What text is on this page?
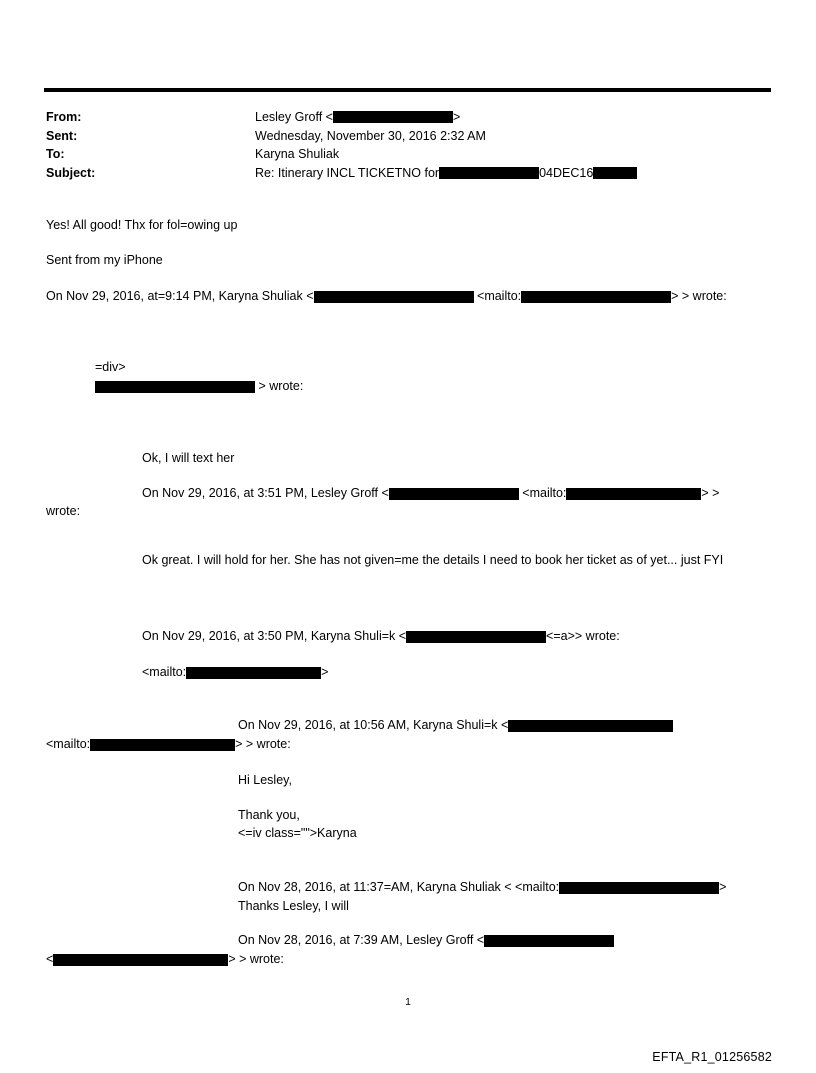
From:	Lesley Groff <	>
Sent:	Wednesday, November 30, 2016 2:32 AM
To:	Karyna Shuliak
Subject:	Re: Itinerary INCL TICKETNO for	04DEC16
Yes! All good! Thx for fol=owing up
Sent from my iPhone
On Nov 29, 2016, at=9:14 PM, Karyna Shuliak <
	<mailto:	> > wrote:
=div>

> wrote:
Ok, I will text her
On Nov 29, 2016, at 3:51 PM, Lesley Groff <
	<mailto:	> >
wrote:
Ok great. I will hold for her. She has not given=me the details I need to book her ticket as of yet... just FYI
On Nov 29, 2016, at 3:50 PM, Karyna Shuli=k <	<=a>> wrote:
<mailto:	>
On Nov 29, 2016, at 10:56 AM, Karyna Shuli=k <
<mailto:	> > wrote:
Hi Lesley,
Thank you,
<=iv class="">Karyna
On Nov 28, 2016, at 11:37=AM, Karyna Shuliak < <mailto:	>
Thanks Lesley, I will
On Nov 28, 2016, at 7:39 AM, Lesley Groff <
<	> > wrote:
1
EFTA_R1_01256582
